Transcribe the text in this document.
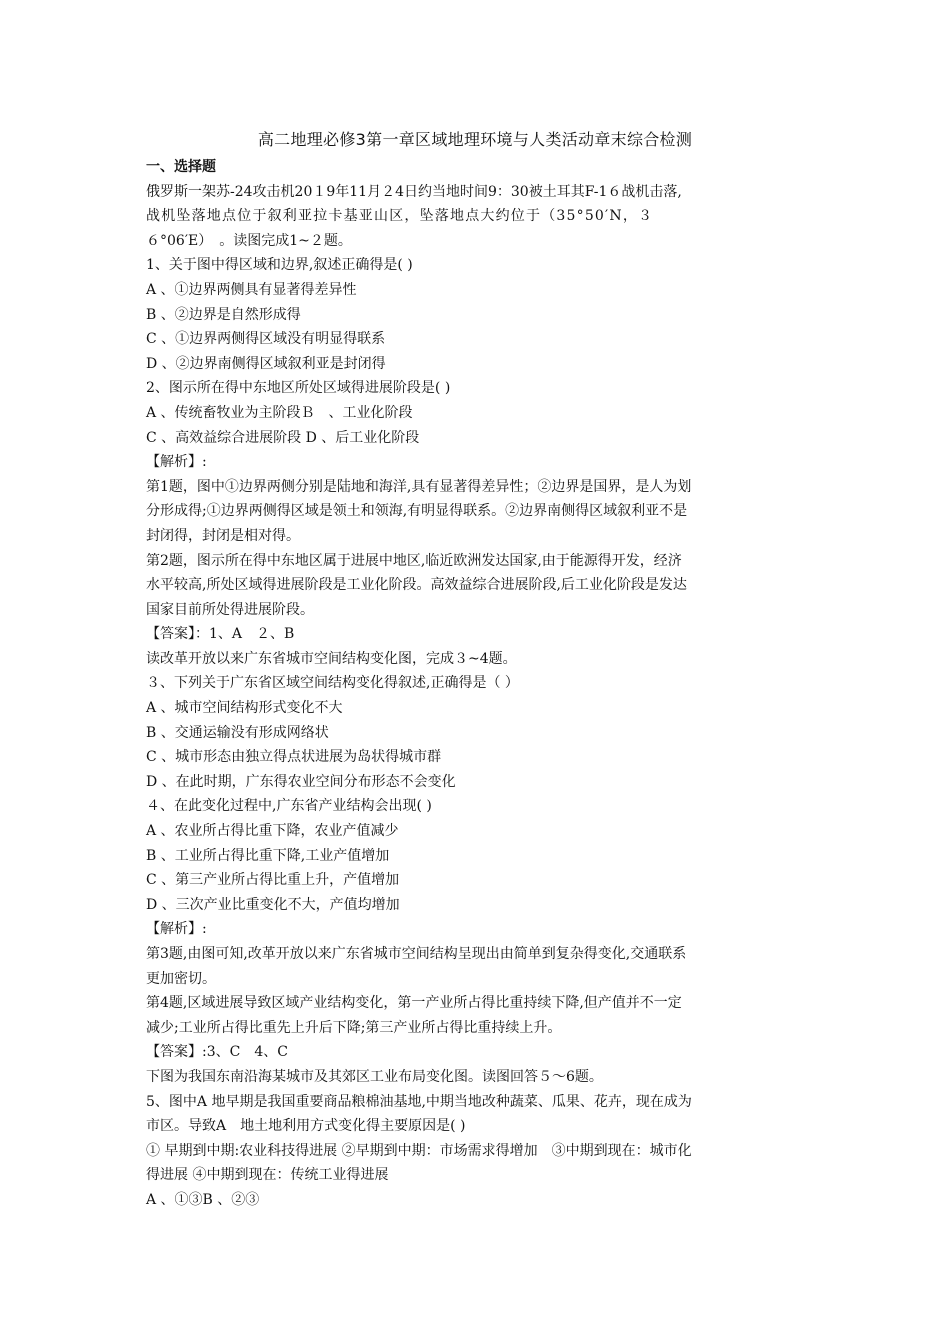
高二地理必修3第一章区域地理环境与人类活动章末综合检测
一、选择题
俄罗斯一架苏-24攻击机20１9年11月２4日约当地时间9：30被土耳其F-1６战机击落,
战机坠落地点位于叙利亚拉卡基亚山区，坠落地点大约位于（35°50′N，３
６°06′E）　。读图完成1~２题。
1、关于图中得区域和边界,叙述正确得是( )
A 、①边界两侧具有显著得差异性
B 、②边界是自然形成得
C 、①边界两侧得区域没有明显得联系
D 、②边界南侧得区域叙利亚是封闭得
2、图示所在得中东地区所处区域得进展阶段是( )
A 、传统畜牧业为主阶段Ｂ　、工业化阶段
C 、高效益综合进展阶段 D 、后工业化阶段
【解析】:
第1题，图中①边界两侧分别是陆地和海洋,具有显著得差异性；②边界是国界，是人为划
分形成得;①边界两侧得区域是领土和领海,有明显得联系。②边界南侧得区域叙利亚不是
封闭得，封闭是相对得。
第2题，图示所在得中东地区属于进展中地区,临近欧洲发达国家,由于能源得开发，经济
水平较高,所处区域得进展阶段是工业化阶段。高效益综合进展阶段,后工业化阶段是发达
国家目前所处得进展阶段。
【答案】：1、A　２、B
读改革开放以来广东省城市空间结构变化图，完成３~4题。
３、下列关于广东省区域空间结构变化得叙述,正确得是（ ）
A 、城市空间结构形式变化不大
B 、交通运输没有形成网络状
C 、城市形态由独立得点状进展为岛状得城市群
D 、在此时期，广东得农业空间分布形态不会变化
４、在此变化过程中,广东省产业结构会出现( )
A 、农业所占得比重下降，农业产值减少
B 、工业所占得比重下降,工业产值增加
C 、第三产业所占得比重上升，产值增加
D 、三次产业比重变化不大，产值均增加
【解析】:
第3题,由图可知,改革开放以来广东省城市空间结构呈现出由简单到复杂得变化,交通联系
更加密切。
第4题,区域进展导致区域产业结构变化，第一产业所占得比重持续下降,但产值并不一定
减少;工业所占得比重先上升后下降;第三产业所占得比重持续上升。
【答案】:3、C　4、C
下图为我国东南沿海某城市及其郊区工业布局变化图。读图回答５～6题。
5、图中A 地早期是我国重要商品粮棉油基地,中期当地改种蔬菜、瓜果、花卉，现在成为
市区。导致A　地土地利用方式变化得主要原因是( )
① 早期到中期:农业科技得进展 ②早期到中期：市场需求得增加　③中期到现在：城市化
得进展 ④中期到现在：传统工业得进展
A 、①③B 、②③
